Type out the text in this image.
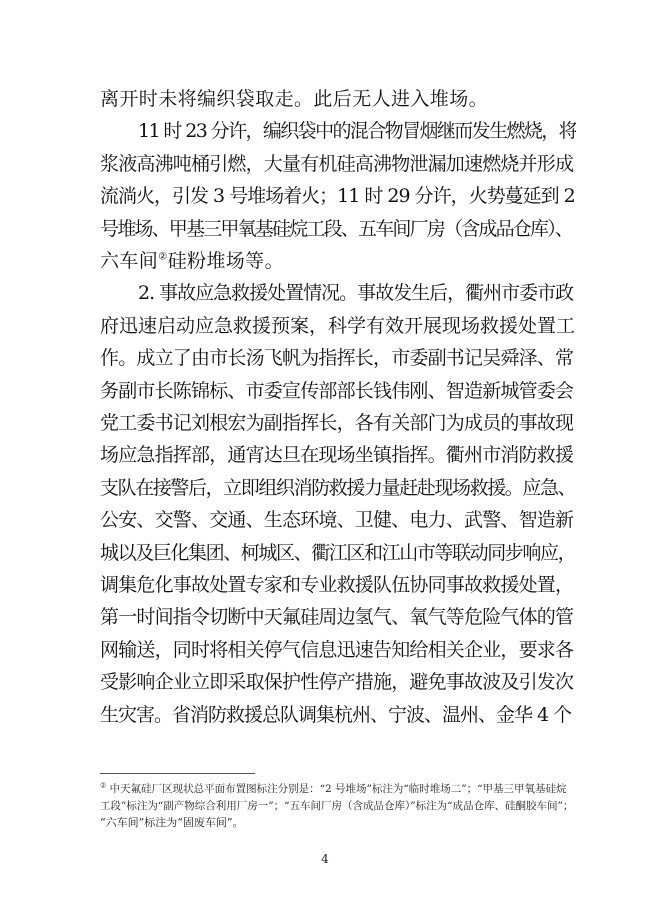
离开时未将编织袋取走。此后无人进入堆场。
11 时 23 分许，编织袋中的混合物冒烟继而发生燃烧，将
浆液高沸吨桶引燃，大量有机硅高沸物泄漏加速燃烧并形成
流淌火，引发 3 号堆场着火；11 时 29 分许，火势蔓延到 2
号堆场、甲基三甲氧基硅烷工段、五车间厂房（含成品仓库）、
六车间②硅粉堆场等。
2. 事故应急救援处置情况。事故发生后，衢州市委市政
府迅速启动应急救援预案，科学有效开展现场救援处置工
作。成立了由市长汤飞帆为指挥长，市委副书记吴舜泽、常
务副市长陈锦标、市委宣传部部长钱伟刚、智造新城管委会
党工委书记刘根宏为副指挥长，各有关部门为成员的事故现
场应急指挥部，通宵达旦在现场坐镇指挥。衢州市消防救援
支队在接警后，立即组织消防救援力量赶赴现场救援。应急、
公安、交警、交通、生态环境、卫健、电力、武警、智造新
城以及巨化集团、柯城区、衢江区和江山市等联动同步响应，
调集危化事故处置专家和专业救援队伍协同事故救援处置，
第一时间指令切断中天氟硅周边氢气、氧气等危险气体的管
网输送，同时将相关停气信息迅速告知给相关企业，要求各
受影响企业立即采取保护性停产措施，避免事故波及引发次
生灾害。省消防救援总队调集杭州、宁波、温州、金华 4 个
② 中天氟硅厂区现状总平面布置图标注分别是：“2 号堆场”标注为“临时堆场二”；“甲基三甲氧基硅烷
工段”标注为“副产物综合利用厂房一”；“五车间厂房（含成品仓库）”标注为“成品仓库、硅酮胶车间”；
“六车间”标注为“固废车间”。
4
